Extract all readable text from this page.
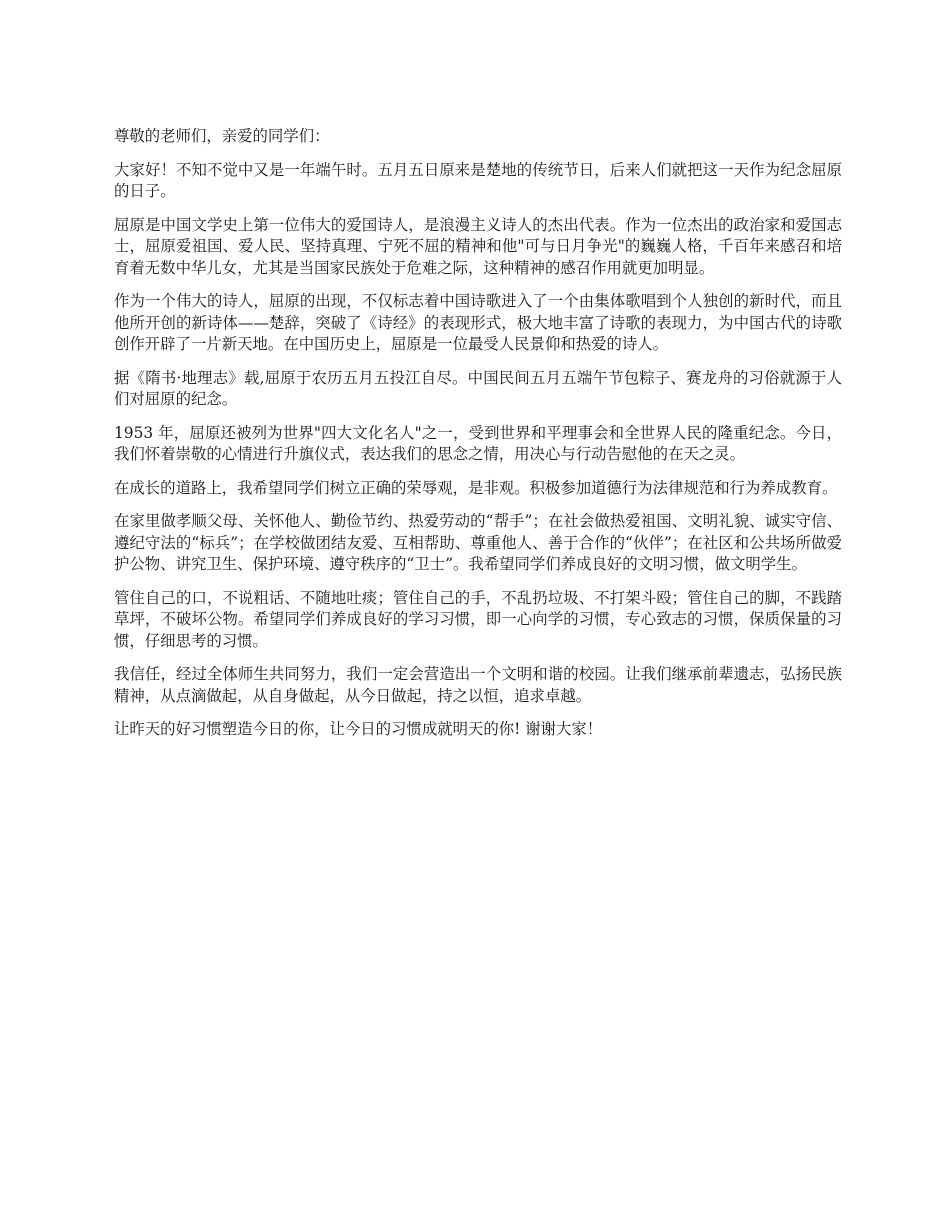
尊敬的老师们，亲爱的同学们：

大家好！不知不觉中又是一年端午时。五月五日原来是楚地的传统节日，后来人们就把这一天作为纪念屈原的日子。

屈原是中国文学史上第一位伟大的爱国诗人，是浪漫主义诗人的杰出代表。作为一位杰出的政治家和爱国志士，屈原爱祖国、爱人民、坚持真理、宁死不屈的精神和他"可与日月争光"的巍巍人格，千百年来感召和培育着无数中华儿女，尤其是当国家民族处于危难之际，这种精神的感召作用就更加明显。

作为一个伟大的诗人，屈原的出现，不仅标志着中国诗歌进入了一个由集体歌唱到个人独创的新时代，而且他所开创的新诗体——楚辞，突破了《诗经》的表现形式，极大地丰富了诗歌的表现力，为中国古代的诗歌创作开辟了一片新天地。在中国历史上，屈原是一位最受人民景仰和热爱的诗人。

据《隋书·地理志》载,屈原于农历五月五投江自尽。中国民间五月五端午节包粽子、赛龙舟的习俗就源于人们对屈原的纪念。

1953 年，屈原还被列为世界"四大文化名人"之一，受到世界和平理事会和全世界人民的隆重纪念。今日，我们怀着崇敬的心情进行升旗仪式，表达我们的思念之情，用决心与行动告慰他的在天之灵。

在成长的道路上，我希望同学们树立正确的荣辱观，是非观。积极参加道德行为法律规范和行为养成教育。

在家里做孝顺父母、关怀他人、勤俭节约、热爱劳动的“帮手”；在社会做热爱祖国、文明礼貌、诚实守信、遵纪守法的“标兵”；在学校做团结友爱、互相帮助、尊重他人、善于合作的“伙伴”；在社区和公共场所做爱护公物、讲究卫生、保护环境、遵守秩序的“卫士”。我希望同学们养成良好的文明习惯，做文明学生。

管住自己的口，不说粗话、不随地吐痰；管住自己的手，不乱扔垃圾、不打架斗殴；管住自己的脚，不践踏草坪，不破坏公物。希望同学们养成良好的学习习惯，即一心向学的习惯，专心致志的习惯，保质保量的习惯，仔细思考的习惯。

我信任，经过全体师生共同努力，我们一定会营造出一个文明和谐的校园。让我们继承前辈遗志，弘扬民族精神，从点滴做起，从自身做起，从今日做起，持之以恒，追求卓越。

让昨天的好习惯塑造今日的你，让今日的习惯成就明天的你! 谢谢大家！
